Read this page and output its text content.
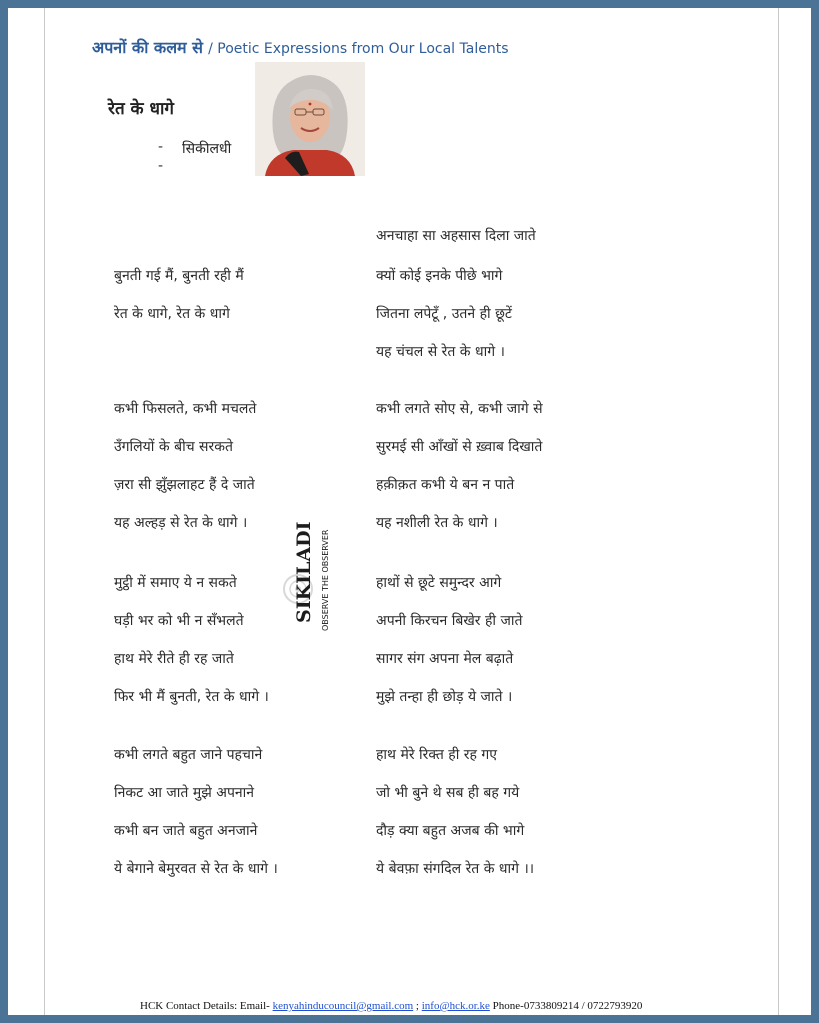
अपनों की कलम से / Poetic Expressions from Our Local Talents
रेत के धागे
-
-
सिकीलधी
बुनती गई मैं, बुनती रही मैं
रेत के धागे, रेत के धागे
कभी फिसलते, कभी मचलते
उँगलियों के बीच सरकते
ज़रा सी झुँझलाहट हैं दे जाते
यह अल्हड़ से रेत के धागे ।
मुट्ठी में समाए ये न सकते
घड़ी भर को भी न सँभलते
हाथ मेरे रीते ही रह जाते
फिर भी मैं बुनती, रेत के धागे ।
कभी लगते बहुत जाने पहचाने
निकट आ जाते मुझे अपनाने
कभी बन जाते बहुत अनजाने
ये बेगाने बेमुरवत से रेत के धागे ।
अनचाहा सा अहसास दिला जाते
क्यों कोई इनके पीछे भागे
जितना लपेटूँ , उतने ही छूटें
यह चंचल से रेत के धागे ।
कभी लगते सोए से, कभी जागे से
सुरमई सी आँखों से ख़्वाब दिखाते
हक़ीक़त कभी ये बन न पाते
यह नशीली रेत के धागे ।
हाथों से छूटे समुन्दर आगे
अपनी किरचन बिखेर ही जाते
सागर संग अपना मेल बढ़ाते
मुझे तन्हा ही छोड़ ये जाते ।
हाथ मेरे रिक्त ही रह गए
जो भी बुने थे सब ही बह गये
दौड़ क्या बहुत अजब की भागे
ये बेवफ़ा संगदिल रेत के धागे ।।
SIKILADI OBSERVE THE OBSERVER
HCK Contact Details: Email- kenyahinducouncil@gmail.com ; info@hck.or.ke Phone-0733809214 / 0722793920
